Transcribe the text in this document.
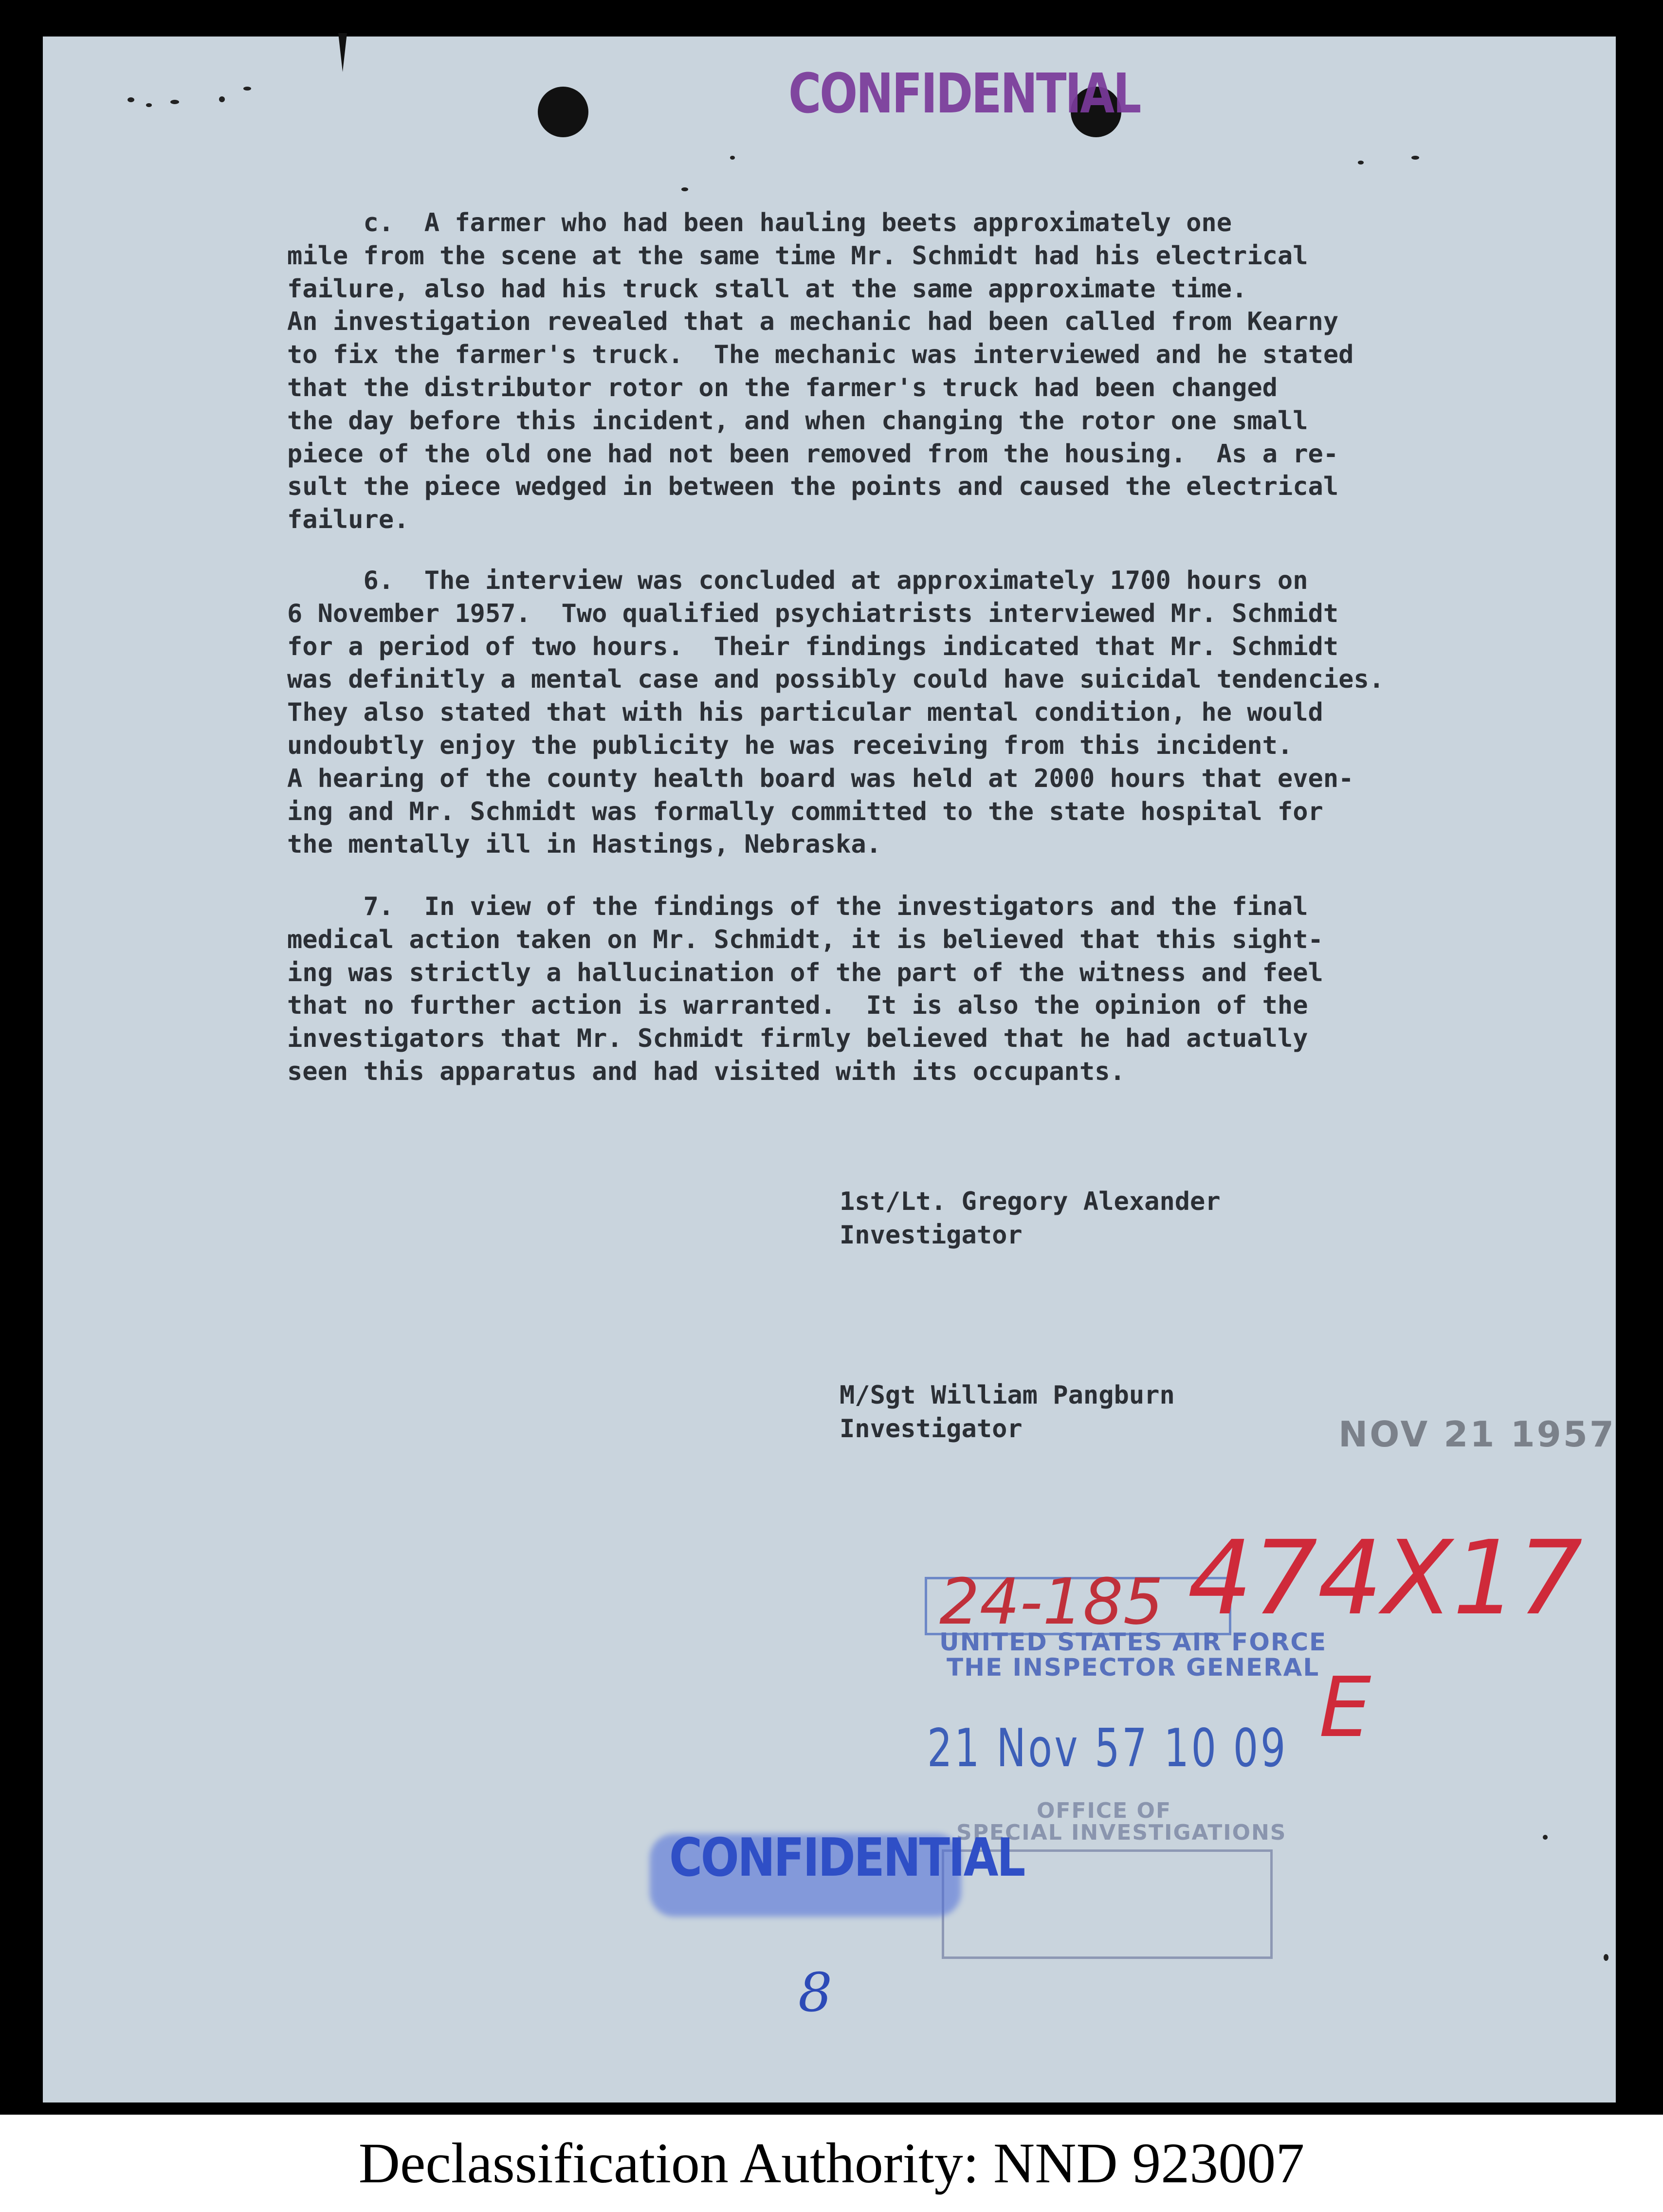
CONFIDENTIAL
c.  A farmer who had been hauling beets approximately one
mile from the scene at the same time Mr. Schmidt had his electrical
failure, also had his truck stall at the same approximate time.
An investigation revealed that a mechanic had been called from Kearny
to fix the farmer's truck.  The mechanic was interviewed and he stated
that the distributor rotor on the farmer's truck had been changed
the day before this incident, and when changing the rotor one small
piece of the old one had not been removed from the housing.  As a re-
sult the piece wedged in between the points and caused the electrical
failure.
6.  The interview was concluded at approximately 1700 hours on
6 November 1957.  Two qualified psychiatrists interviewed Mr. Schmidt
for a period of two hours.  Their findings indicated that Mr. Schmidt
was definitly a mental case and possibly could have suicidal tendencies.
They also stated that with his particular mental condition, he would
undoubtly enjoy the publicity he was receiving from this incident.
A hearing of the county health board was held at 2000 hours that even-
ing and Mr. Schmidt was formally committed to the state hospital for
the mentally ill in Hastings, Nebraska.
7.  In view of the findings of the investigators and the final
medical action taken on Mr. Schmidt, it is believed that this sight-
ing was strictly a hallucination of the part of the witness and feel
that no further action is warranted.  It is also the opinion of the
investigators that Mr. Schmidt firmly believed that he had actually
seen this apparatus and had visited with its occupants.
1st/Lt. Gregory Alexander
Investigator
M/Sgt William Pangburn
Investigator	NOV 21 1957
24-185 474X17
UNITED STATES AIR FORCE
THE INSPECTOR GENERAL
E
21 Nov 57 10 09
OFFICE OF
SPECIAL INVESTIGATIONS
CONFIDENTIAL
8
Declassification Authority: NND 923007
